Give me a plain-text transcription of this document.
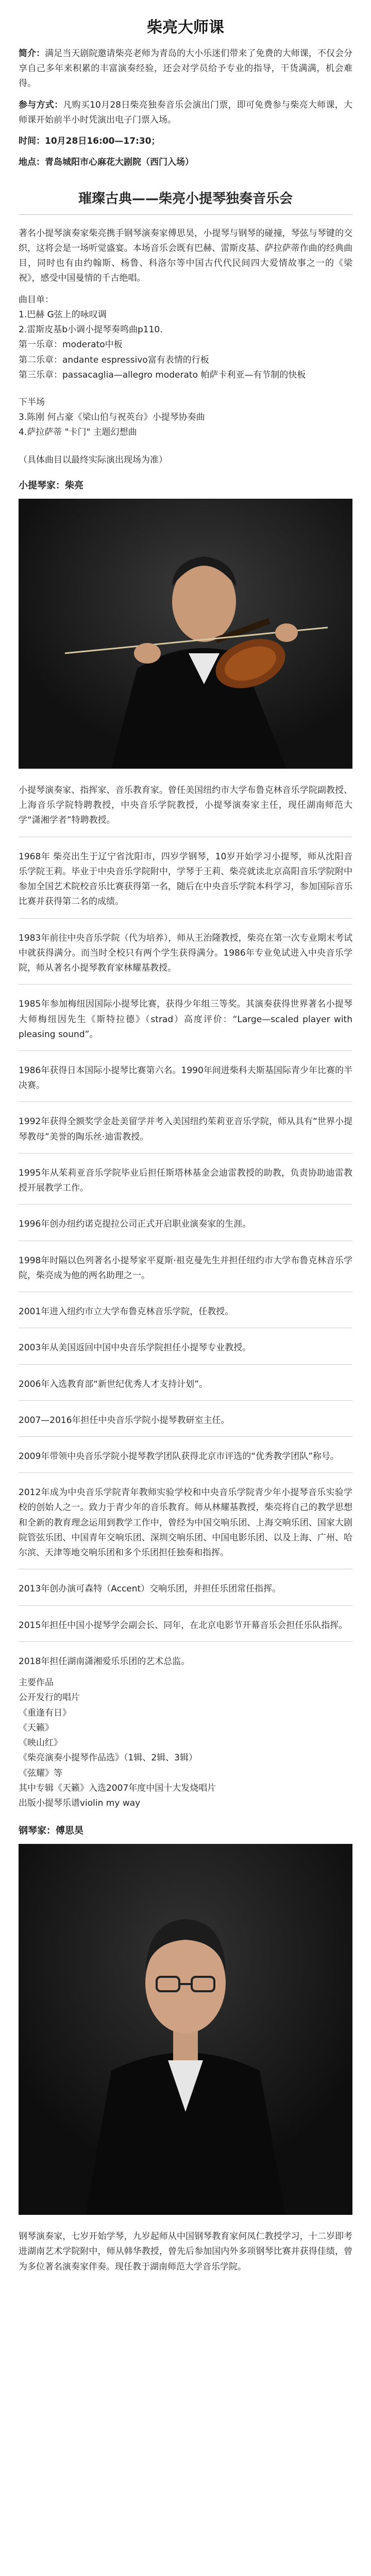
柴亮大师课

简介：满足当天剧院邀请柴亮老师为青岛的大小乐迷们带来了免费的大师课，不仅会分享自己多年来积累的丰富演奏经验，还会对学员给予专业的指导，干货满满，机会难得。

参与方式：凡购买10月28日柴亮独奏音乐会演出门票，即可免费参与柴亮大师课，大师课开始前半小时凭演出电子门票入场。

时间：10月28日16:00—17:30；

地点：青岛城阳市心麻花大剧院（西门入场）

璀璨古典——柴亮小提琴独奏音乐会

著名小提琴演奏家柴亮携手钢琴演奏家傅思昊，小提琴与钢琴的碰撞，琴弦与琴键的交织，这将会是一场听觉盛宴。本场音乐会既有巴赫、雷斯皮基、萨拉萨蒂作曲的经典曲目，同时也有由约翰斯、杨鲁、科洛尔等中国古代代民间四大爱情故事之一的《梁祝》，感受中国曼情的千古绝唱。

曲目单：
1.巴赫 G弦上的咏叹调
2.雷斯皮基b小调小提琴奏鸣曲p110.
第一乐章：moderato中板
第二乐章：andante espressivo富有表情的行板
第三乐章：passacaglia—allegro moderato 帕萨卡利亚—有节制的快板
下半场
3.陈刚 何占豪《梁山伯与祝英台》小提琴协奏曲
4.萨拉萨蒂 "卡门" 主题幻想曲

（具体曲目以最终实际演出现场为准）

小提琴家：柴亮

小提琴演奏家、指挥家、音乐教育家。曾任美国纽约市大学布鲁克林音乐学院副教授、上海音乐学院特聘教授，中央音乐学院教授，小提琴演奏家主任，现任湖南师范大学“潇湘学者”特聘教授。

1968年 柴亮出生于辽宁省沈阳市，四岁学钢琴，10岁开始学习小提琴，师从沈阳音乐学院王莉。毕业于中央音乐学院附中，学琴于王莉、柴亮就读北京高阳音乐学院附中参加全国艺术院校音乐比赛获得第一名，随后在中央音乐学院本科学习，参加国际音乐比赛并获得第二名的成绩。

1983年前往中央音乐学院（代为培养），师从王治隆教授，柴亮在第一次专业期末考试中就获得满分。而当时全校只有两个学生获得满分。1986年专业免试进入中央音乐学院，师从著名小提琴教育家林耀基教授。

1985年参加梅纽因国际小提琴比赛，获得少年组三等奖。其演奏获得世界著名小提琴大师梅纽因先生《斯特拉德》（strad）高度评价：“Large—scaled player with pleasing sound”。

1986年获得日本国际小提琴比赛第六名。1990年间进柴科夫斯基国际青少年比赛的半决赛。

1992年获得全额奖学金赴美留学并考入美国纽约茱莉亚音乐学院，师从具有“世界小提琴教母”美誉的陶乐丝·迪雷教授。

1995年从茱莉亚音乐学院毕业后担任斯塔林基金会迪雷教授的助教，负责协助迪雷教授开展教学工作。

1996年创办纽约诺克提拉公司正式开启职业演奏家的生涯。

1998年时隔以色列著名小提琴家平夏斯·祖克曼先生并担任纽约市大学布鲁克林音乐学院，柴亮成为他的两名助理之一。

2001年进入纽约市立大学布鲁克林音乐学院，任教授。

2003年从美国返回中国中央音乐学院担任小提琴专业教授。

2006年入选教育部“新世纪优秀人才支持计划”。

2007—2016年担任中央音乐学院小提琴教研室主任。

2009年带领中央音乐学院小提琴教学团队获得北京市评选的“优秀教学团队”称号。

2012年成为中央音乐学院青年教师实验学校和中央音乐学院青少年小提琴音乐实验学校的创始人之一。致力于青少年的音乐教育。师从林耀基教授，柴亮将自己的教学思想和全新的教育理念运用到教学工作中，曾经为中国交响乐团、上海交响乐团、国家大剧院管弦乐团、中国青年交响乐团、深圳交响乐团、中国电影乐团、以及上海、广州、哈尔滨、天津等地交响乐团和多个乐团担任独奏和指挥。

2013年创办演可森特（Accent）交响乐团，并担任乐团常任指挥。

2015年担任中国小提琴学会副会长、同年，在北京电影节开幕音乐会担任乐队指挥。

2018年担任湖南潇湘爱乐乐团的艺术总监。

主要作品
公开发行的唱片
《重逢有日》
《天籁》
《映山红》
《柴亮演奏小提琴作品选》（1辑、2辑、3辑）
《弦耀》等
其中专辑《天籁》入选2007年度中国十大发烧唱片
出版小提琴乐谱violin my way
钢琴家：傅思昊

钢琴演奏家，七岁开始学琴，九岁起师从中国钢琴教育家何凤仁教授学习，十二岁即考进湖南艺术学院附中，师从韩华教授，曾先后参加国内外多项钢琴比赛并获得佳绩，曾为多位著名演奏家伴奏。现任教于湖南师范大学音乐学院。
